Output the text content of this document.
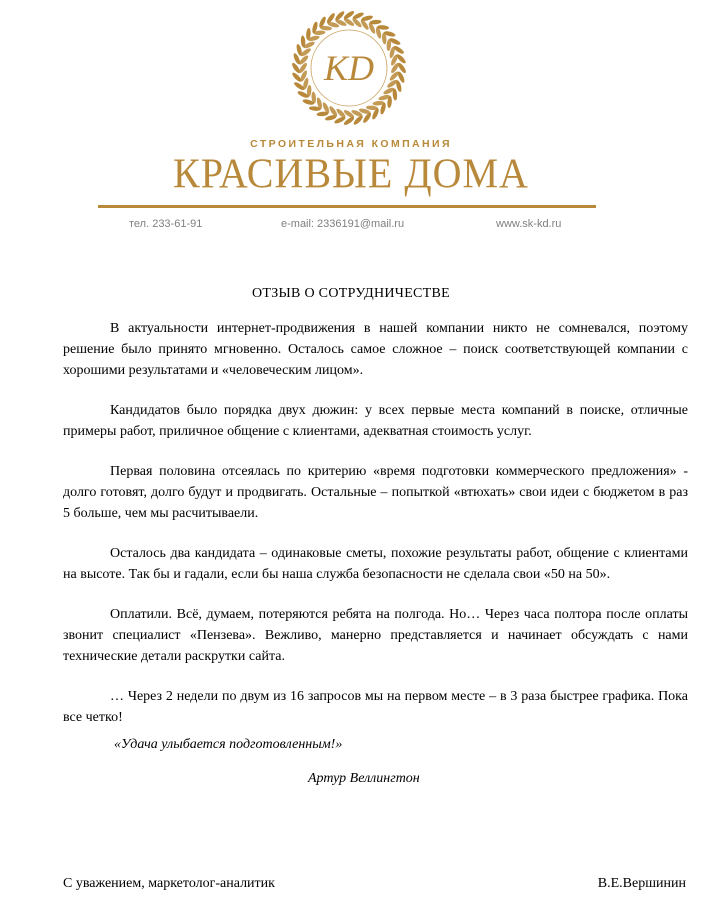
KD
СТРОИТЕЛЬНАЯ КОМПАНИЯ
КРАСИВЫЕ ДОМА
тел. 233-61-91	e-mail: 2336191@mail.ru	www.sk-kd.ru
ОТЗЫВ О СОТРУДНИЧЕСТВЕ

В актуальности интернет-продвижения в нашей компании никто не сомневался, поэтому решение было принято мгновенно. Осталось самое сложное – поиск соответствующей компании с хорошими результатами и «человеческим лицом».

Кандидатов было порядка двух дюжин: у всех первые места компаний в поиске, отличные примеры работ, приличное общение с клиентами, адекватная стоимость услуг.

Первая половина отсеялась по критерию «время подготовки коммерческого предложения» - долго готовят, долго будут и продвигать. Остальные – попыткой «втюхать» свои идеи с бюджетом в раз 5 больше, чем мы расчитываели.

Осталось два кандидата – одинаковые сметы, похожие результаты работ, общение с клиентами на высоте. Так бы и гадали, если бы наша служба безопасности не сделала свои «50 на 50».

Оплатили. Всё, думаем, потеряются ребята на полгода. Но… Через часа полтора после оплаты звонит специалист «Пензева». Вежливо, манерно представляется и начинает обсуждать с нами технические детали раскрутки сайта.

… Через 2 недели по двум из 16 запросов мы на первом месте – в 3 раза быстрее графика. Пока все четко!

«Удача улыбается подготовленным!»
Артур Веллингтон
С уважением, маркетолог-аналитик	В.Е.Вершинин
